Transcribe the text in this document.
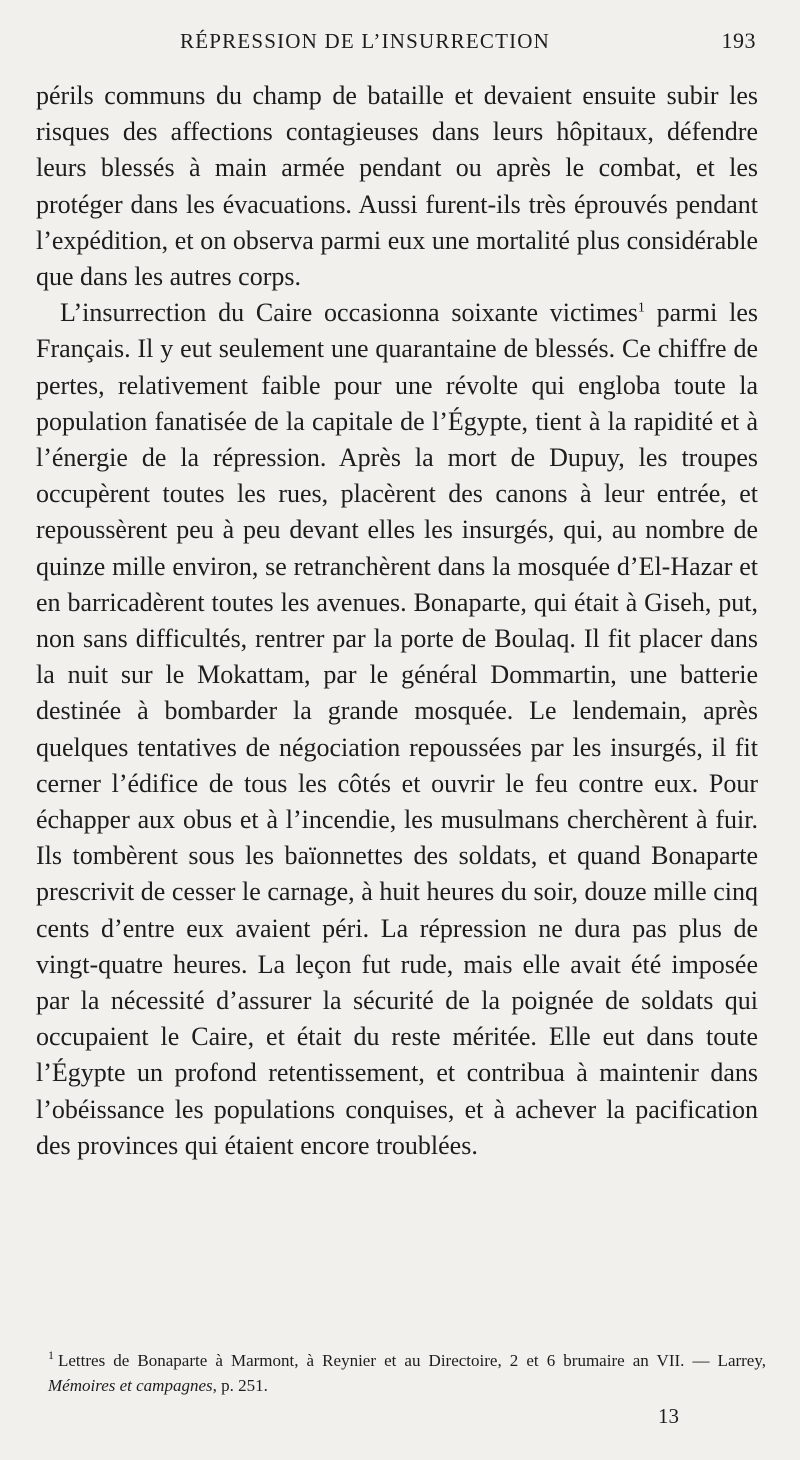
RÉPRESSION DE L’INSURRECTION	193

périls communs du champ de bataille et devaient ensuite subir les risques des affections contagieuses dans leurs hôpitaux, défendre leurs blessés à main armée pendant ou après le combat, et les protéger dans les évacuations. Aussi furent-ils très éprouvés pendant l’expédition, et on observa parmi eux une mortalité plus considérable que dans les autres corps.

L’insurrection du Caire occasionna soixante victimes$^1$ parmi les Français. Il y eut seulement une quarantaine de blessés. Ce chiffre de pertes, relativement faible pour une révolte qui engloba toute la population fanatisée de la capitale de l’Égypte, tient à la rapidité et à l’énergie de la répression. Après la mort de Dupuy, les troupes occupèrent toutes les rues, placèrent des canons à leur entrée, et repoussèrent peu à peu devant elles les insurgés, qui, au nombre de quinze mille environ, se retranchèrent dans la mosquée d’El-Hazar et en barricadèrent toutes les avenues. Bonaparte, qui était à Giseh, put, non sans difficultés, rentrer par la porte de Boulaq. Il fit placer dans la nuit sur le Mokattam, par le général Dommartin, une batterie destinée à bombarder la grande mosquée. Le lendemain, après quelques tentatives de négociation repoussées par les insurgés, il fit cerner l’édifice de tous les côtés et ouvrir le feu contre eux. Pour échapper aux obus et à l’incendie, les musulmans cherchèrent à fuir. Ils tombèrent sous les baïonnettes des soldats, et quand Bonaparte prescrivit de cesser le carnage, à huit heures du soir, douze mille cinq cents d’entre eux avaient péri. La répression ne dura pas plus de vingt-quatre heures. La leçon fut rude, mais elle avait été imposée par la nécessité d’assurer la sécurité de la poignée de soldats qui occupaient le Caire, et était du reste méritée. Elle eut dans toute l’Égypte un profond retentissement, et contribua à maintenir dans l’obéissance les populations conquises, et à achever la pacification des provinces qui étaient encore troublées.

$^1$ Lettres de Bonaparte à Marmont, à Reynier et au Directoire, 2 et 6 brumaire an VII. — Larrey, Mémoires et campagnes, p. 251.
13
